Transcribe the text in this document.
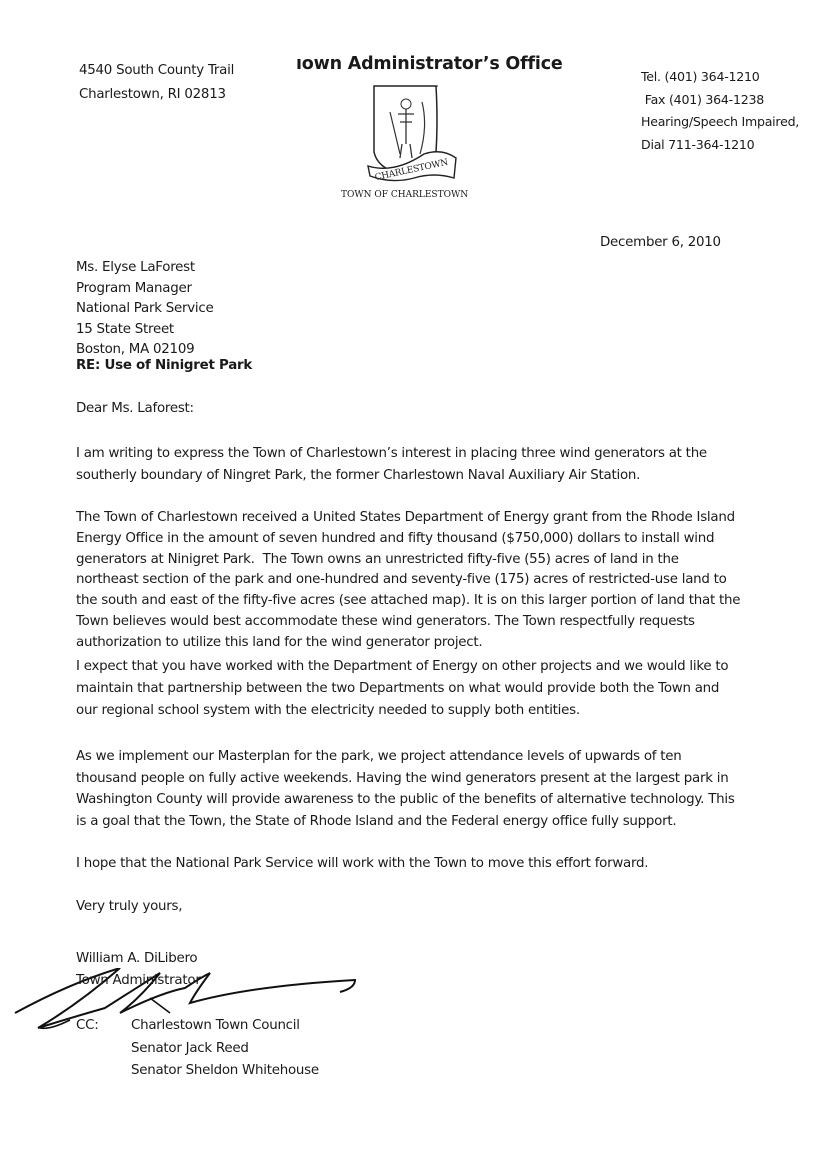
4540 South County Trail
Charlestown, RI 02813
ıown Administrator’s Office
CHARLESTOWN
TOWN OF CHARLESTOWN
Tel. (401) 364-1210
Fax (401) 364-1238
Hearing/Speech Impaired,
Dial 711-364-1210
December 6, 2010
Ms. Elyse LaForest
Program Manager
National Park Service
15 State Street
Boston, MA 02109
RE: Use of Ninigret Park
Dear Ms. Laforest:
I am writing to express the Town of Charlestown’s interest in placing three wind generators at the
southerly boundary of Ningret Park, the former Charlestown Naval Auxiliary Air Station.
The Town of Charlestown received a United States Department of Energy grant from the Rhode Island
Energy Office in the amount of seven hundred and fifty thousand ($750,000) dollars to install wind
generators at Ninigret Park.  The Town owns an unrestricted fifty-five (55) acres of land in the
northeast section of the park and one-hundred and seventy-five (175) acres of restricted-use land to
the south and east of the fifty-five acres (see attached map). It is on this larger portion of land that the
Town believes would best accommodate these wind generators. The Town respectfully requests
authorization to utilize this land for the wind generator project.
I expect that you have worked with the Department of Energy on other projects and we would like to
maintain that partnership between the two Departments on what would provide both the Town and
our regional school system with the electricity needed to supply both entities.
As we implement our Masterplan for the park, we project attendance levels of upwards of ten
thousand people on fully active weekends. Having the wind generators present at the largest park in
Washington County will provide awareness to the public of the benefits of alternative technology. This
is a goal that the Town, the State of Rhode Island and the Federal energy office fully support.
I hope that the National Park Service will work with the Town to move this effort forward.
Very truly yours,
William A. DiLibero
Town Administrator
CC: Charlestown Town Council
Senator Jack Reed
Senator Sheldon Whitehouse
